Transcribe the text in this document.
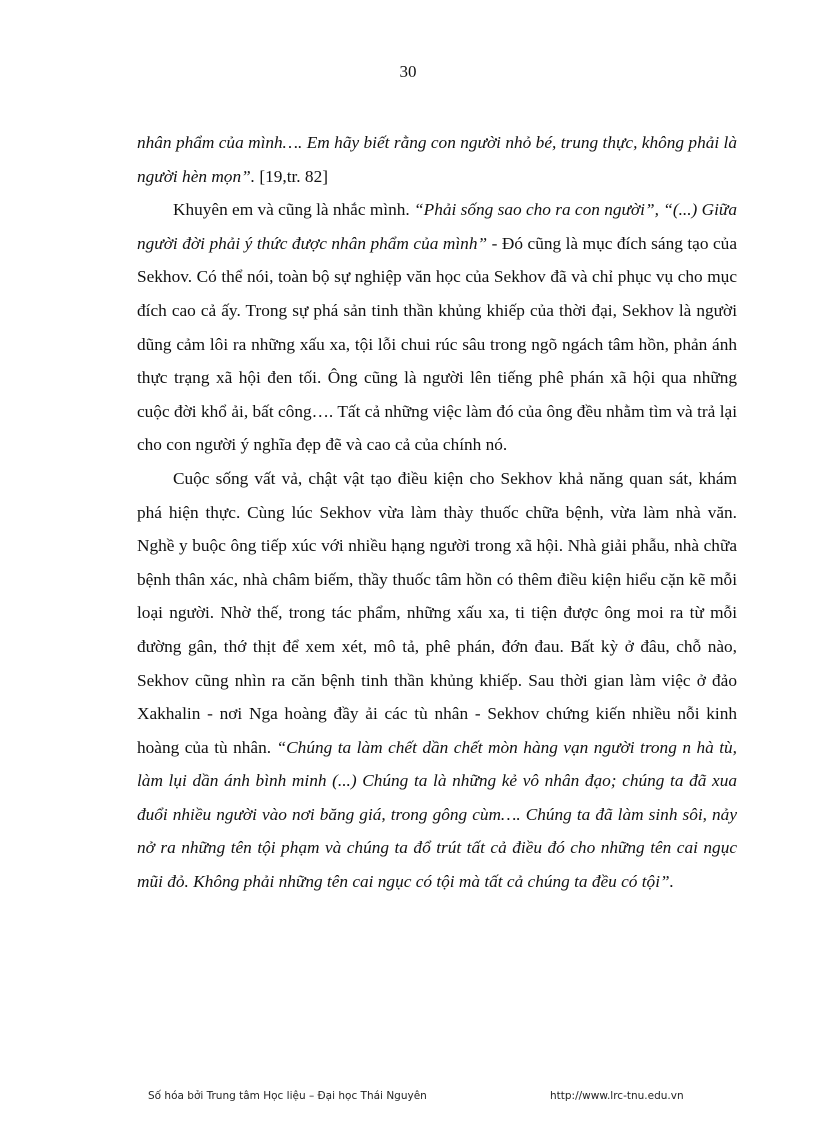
30

nhân phẩm của mình…. Em hãy biết rằng con người nhỏ bé, trung thực, không phải là người hèn mọn”. [19,tr. 82]

Khuyên em và cũng là nhắc mình. “Phải sống sao cho ra con người”, “(...) Giữa người đời phải ý thức được nhân phẩm của mình” - Đó cũng là mục đích sáng tạo của Sekhov. Có thể nói, toàn bộ sự nghiệp văn học của Sekhov đã và chỉ phục vụ cho mục đích cao cả ấy. Trong sự phá sản tinh thần khủng khiếp của thời đại, Sekhov là người dũng cảm lôi ra những xấu xa, tội lỗi chui rúc sâu trong ngõ ngách tâm hồn, phản ánh thực trạng xã hội đen tối. Ông cũng là người lên tiếng phê phán xã hội qua những cuộc đời khổ ải, bất công…. Tất cả những việc làm đó của ông đều nhằm tìm và trả lại cho con người ý nghĩa đẹp đẽ và cao cả của chính nó.

Cuộc sống vất vả, chật vật tạo điều kiện cho Sekhov khả năng quan sát, khám phá hiện thực. Cùng lúc Sekhov vừa làm thày thuốc chữa bệnh, vừa làm nhà văn. Nghề y buộc ông tiếp xúc với nhiều hạng người trong xã hội. Nhà giải phẫu, nhà chữa bệnh thân xác, nhà châm biếm, thầy thuốc tâm hồn có thêm điều kiện hiểu cặn kẽ mỗi loại người. Nhờ thế, trong tác phẩm, những xấu xa, ti tiện được ông moi ra từ mỗi đường gân, thớ thịt để xem xét, mô tả, phê phán, đớn đau. Bất kỳ ở đâu, chỗ nào, Sekhov cũng nhìn ra căn bệnh tinh thần khủng khiếp. Sau thời gian làm việc ở đảo Xakhalin - nơi Nga hoàng đầy ải các tù nhân - Sekhov chứng kiến nhiều nỗi kinh hoàng của tù nhân. “Chúng ta làm chết dần chết mòn hàng vạn người trong n hà tù, làm lụi dần ánh bình minh (...) Chúng ta là những kẻ vô nhân đạo; chúng ta đã xua đuổi nhiều người vào nơi băng giá, trong gông cùm…. Chúng ta đã làm sinh sôi, nảy nở ra những tên tội phạm và chúng ta đổ trút tất cả điều đó cho những tên cai ngục mũi đỏ. Không phải những tên cai ngục có tội mà tất cả chúng ta đều có tội”.

Số hóa bởi Trung tâm Học liệu – Đại học Thái Nguyên	http://www.lrc-tnu.edu.vn
